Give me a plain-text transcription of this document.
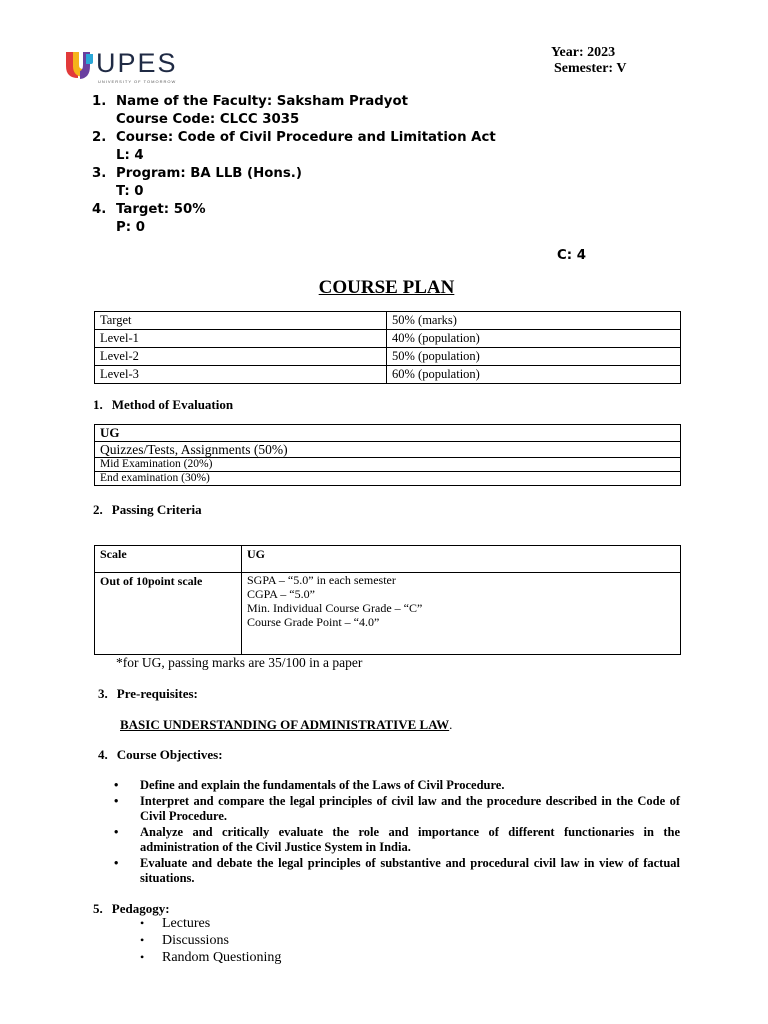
UPES
UNIVERSITY OF TOMORROW
Year: 2023
Semester: V
1. Name of the Faculty: Saksham Pradyot
Course Code: CLCC 3035
2. Course: Code of Civil Procedure and Limitation Act
L: 4
3. Program: BA LLB (Hons.)
T: 0
4. Target: 50%
P: 0
C: 4
COURSE PLAN
Target	50% (marks)
Level-1	40% (population)
Level-2	50% (population)
Level-3	60% (population)
1. Method of Evaluation
UG
Quizzes/Tests, Assignments (50%)
Mid Examination (20%)
End examination (30%)
2. Passing Criteria
Scale	UG
Out of 10point scale	SGPA – “5.0” in each semester
CGPA – “5.0”
Min. Individual Course Grade – “C”
Course Grade Point – “4.0”
*for UG, passing marks are 35/100 in a paper
3. Pre-requisites:
BASIC UNDERSTANDING OF ADMINISTRATIVE LAW.
4. Course Objectives:
• Define and explain the fundamentals of the Laws of Civil Procedure.
• Interpret and compare the legal principles of civil law and the procedure described in the Code of Civil Procedure.
• Analyze and critically evaluate the role and importance of different functionaries in the administration of the Civil Justice System in India.
• Evaluate and debate the legal principles of substantive and procedural civil law in view of factual situations.
5. Pedagogy:
• Lectures
• Discussions
• Random Questioning
